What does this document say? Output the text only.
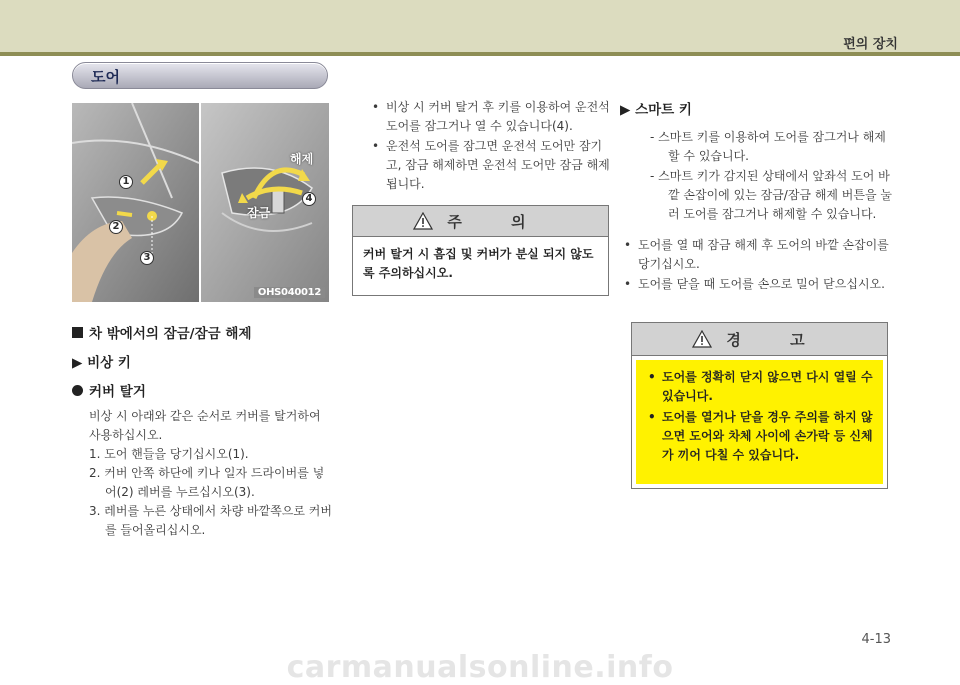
편의 장치
도어
1
2
3
4
해제
잠금
OHS040012
차 밖에서의 잠금/잠금 해제
▶ 비상 키
커버 탈거

비상 시 아래와 같은 순서로 커버를 탈거하여 사용하십시오.

1. 도어 핸들을 당기십시오(1).
2. 커버 안쪽 하단에 키나 일자 드라이버를 넣어(2) 레버를 누르십시오(3).
3. 레버를 누른 상태에서 차량 바깥쪽으로 커버를 들어올리십시오.
• 비상 시 커버 탈거 후 키를 이용하여 운전석 도어를 잠그거나 열 수 있습니다(4).
• 운전석 도어를 잠그면 운전석 도어만 잠기고, 잠금 해제하면 운전석 도어만 잠금 해제 됩니다.
주 의
커버 탈거 시 흠집 및 커버가 분실 되지 않도록 주의하십시오.
▶ 스마트 키
- 스마트 키를 이용하여 도어를 잠그거나 해제할 수 있습니다.
- 스마트 키가 감지된 상태에서 앞좌석 도어 바깥 손잡이에 있는 잠금/잠금 해제 버튼을 눌러 도어를 잠그거나 해제할 수 있습니다.
• 도어를 열 때 잠금 해제 후 도어의 바깥 손잡이를 당기십시오.
• 도어를 닫을 때 도어를 손으로 밀어 닫으십시오.
경 고
• 도어를 정확히 닫지 않으면 다시 열릴 수 있습니다.
• 도어를 열거나 닫을 경우 주의를 하지 않으면 도어와 차체 사이에 손가락 등 신체가 끼어 다칠 수 있습니다.
4-13
carmanualsonline.info
